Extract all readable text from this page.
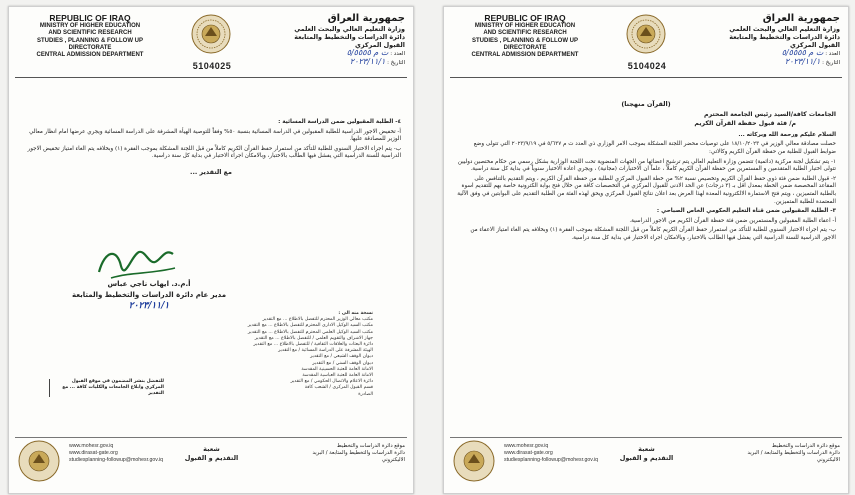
REPUBLIC OF IRAQ
MINISTRY OF HIGHER EDUCATION
AND SCIENTIFIC RESEARCH
STUDIES , PLANNING & FOLLOW UP DIRECTORATE
CENTRAL ADMISSION DEPARTMENT
5104025
جمهورية العراق
وزارة التعليم العالي والبحث العلمي
دائرة الدراسات والتخطيط والمتابعة
القبول المركزي
العدد : ت م ٥/٥٥٥٥
التاريخ : ٢٠٢٣/١١/١

٤- الطلبة المقبولين ضمن الدراسة المسائية :

أ- تخفيض الاجور الدراسية للطلبة المقبولين في الدراسة المسائية بنسبة ٥٠% وفقاً للتوصية الهيأة المشرفة على الدراسة المسائية ويجري عرضها امام انظار معالي الوزير للمصادقة عليها.

ب- يتم اجراء الاختبار السنوي للطلبة للتأكد من استمرار حفظ القرآن الكريم كاملاً من قبل اللجنة المشكلة بموجب الفقرة (١) وبخلافه يتم الغاء امتياز تخفيض الاجور الدراسية للسنة الدراسية التي يفشل فيها الطالب بالاختبار، وبالامكان اجراء الاختبار في بداية كل سنة دراسية.

مع التقدير ...

أ.م.د. ايهاب ناجي عباس
مدير عام دائرة الدراسات والتخطيط والمتابعة
٢٠٢٣/١١/١
نسخة منه الى :
مكتب معالي الوزير المحترم للتفضل بالاطلاع ... مع التقدير
مكتب السيد الوكيل الاداري المحترم للتفضل بالاطلاع ... مع التقدير
مكتب السيد الوكيل العلمي المحترم للتفضل بالاطلاع ... مع التقدير
جهاز الاشراف والتقويم العلمي / للتفضل بالاطلاع ... مع التقدير
دائرة البعثات والعلاقات الثقافية / للتفضل بالاطلاع ... مع التقدير
الهيئة المشرفة على الدراسة المسائية / مع التقدير
ديوان الوقف الشيعي / مع التقدير
ديوان الوقف السني / مع التقدير
الامانة العامة للعتبة الحسينية المقدسة
الامانة العامة للعتبة العباسية المقدسة
دائرة الاعلام والاتصال الحكومي / مع التقدير
قسم القبول المركزي / الشعب كافة
الصادرة
للتفضل بنشر المضمون في موقع القبول المركزي وابلاغ الجامعات والكليات كافة ... مع التقدير
www.mohesr.gov.iq
www.dirasat-gate.org
studiesplanning-followup@mohesr.gov.iq
شعبة
التقديم و القبول
موقع دائرة الدراسات والتخطيط
دائرة الدراسات والتخطيط والمتابعة / البريد الاليكتروني
REPUBLIC OF IRAQ
MINISTRY OF HIGHER EDUCATION
AND SCIENTIFIC RESEARCH
STUDIES , PLANNING & FOLLOW UP DIRECTORATE
CENTRAL ADMISSION DEPARTMENT
5104024
جمهورية العراق
وزارة التعليم العالي والبحث العلمي
دائرة الدراسات والتخطيط والمتابعة
القبول المركزي
العدد : ت م ٥/٥٥٥٥
التاريخ : ٢٠٢٣/١١/١

(القرآن منهجنا)

الجامعات كافة/السيد رئيس الجامعة المحترم

م/ فئة قبول حفظة القرآن الكريم

السلام عليكم ورحمة الله وبركاته ...

حصلت مصادقة معالي الوزير في ١٨/١٠/٢٠٢٣ على توصيات محضر اللجنة المشكلة بموجب الامر الوزاري ذي العدد ت م ٥/٦٣٧ في ٢٠٢٣/٩/١٩ التي تتولى وضع ضوابط القبول للطلبة من حفظة القرآن الكريم وكالاتي:

١- يتم تشكيل لجنة مركزية (دائمية) تتضمن وزارة التعليم العالي يتم ترشيح اعضائها من الجهات المنضوية تحت اللجنة الوزارية بشكل رسمي من حكام مختصين دوليين تتولى اختبار الطلبة المتقدمين و المستمرين من حفظة القرآن الكريم كاملاً ، علماً ان الاختبارات (مجانية) ، ويجري اعادة الاختبار سنوياً في بداية كل سنة دراسية.

٢- قبول الطلبة ضمن فئة ذوي حفظ القرآن الكريم وتخصيص نسبة ٢% من خطة القبول المركزي للطلبة من حفظة القرآن الكريم ، ويتم التقديم بالتنافس على المقاعد المخصصة ضمن الخطة بمعدل اقل بـ (٣ درجات) عن الحد الادنى للقبول المركزي في التخصصات كافة من خلال فتح بوابة الكترونية خاصة بهم للتقديم اسوة بالطلبة المتميزين ، ويتم فتح الاستمارة الالكترونية المعدة لهذا العرض بعد اعلان نتائج القبول المركزي ويحق لهذه الفئة من الطلبة التقديم على البوابتين في وفق الآلية المعتمدة للطلبة المتميزين.

٣- الطلبة المقبولين ضمن قناة التعليم الحكومي الخاص الصباحي :

أ- اعفاء الطلبة المقبولين والمستمرين ضمن فئة حفظة القرآن الكريم من الاجور الدراسية.

ب- يتم اجراء الاختبار السنوي للطلبة للتأكد من استمرار حفظ القرآن الكريم كاملاً من قبل اللجنة المشكلة بموجب الفقرة (١) وبخلافه يتم الغاء امتياز الاعفاء من الاجور الدراسية للسنة الدراسية التي يفشل فيها الطالب بالاختبار، وبالامكان اجراء الاختبار في بداية كل سنة دراسية.

www.mohesr.gov.iq
www.dirasat-gate.org
studiesplanning-followup@mohesr.gov.iq
شعبة
التقديم و القبول
موقع دائرة الدراسات والتخطيط
دائرة الدراسات والتخطيط والمتابعة / البريد الاليكتروني
